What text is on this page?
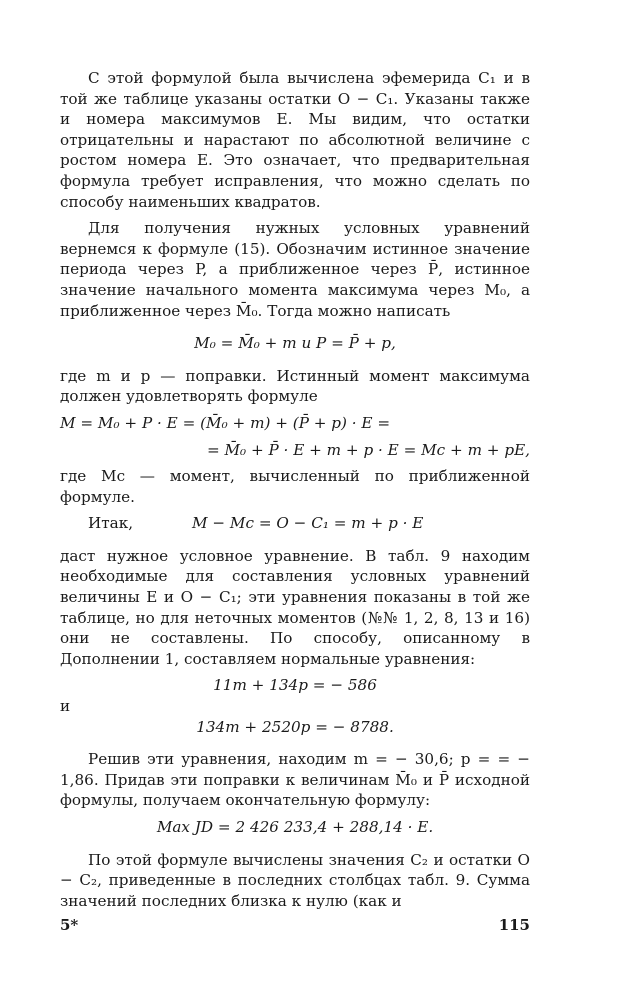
С этой формулой была вычислена эфемерида C₁ и в той же таблице указаны остатки O − C₁. Указаны также и номера максимумов E. Мы видим, что остатки отрицательны и нарастают по абсолютной величине с ростом номера E. Это означает, что предварительная формула требует исправления, что можно сделать по способу наименьших квадратов.

Для получения нужных условных уравнений вернемся к формуле (15). Обозначим истинное значение периода через P, а приближенное через P̄, истинное значение начального момента максимума через M₀, а приближенное через M̄₀. Тогда можно написать

M₀ = M̄₀ + m и P = P̄ + p,

где m и p — поправки. Истинный момент максимума должен удовлетворять формуле

M = M₀ + P · E = (M̄₀ + m) + (P̄ + p) · E =

= M̄₀ + P̄ · E + m + p · E = Mc + m + pE,

где Mc — момент, вычисленный по приближенной формуле.

Итак,	M − Mc = O − C₁ = m + p · E

даст нужное условное уравнение. В табл. 9 находим необходимые для составления условных уравнений величины E и O − C₁; эти уравнения показаны в той же таблице, но для неточных моментов (№№ 1, 2, 8, 13 и 16) они не составлены. По способу, описанному в Дополнении 1, составляем нормальные уравнения:

11m + 134p = − 586

и

134m + 2520p = − 8788.

Решив эти уравнения, находим m = − 30,6; p = = − 1,86. Придав эти поправки к величинам M̄₀ и P̄ исходной формулы, получаем окончательную формулу:

Max JD = 2 426 233,4 + 288,14 · E.

По этой формуле вычислены значения C₂ и остатки O − C₂, приведенные в последних столбцах табл. 9. Сумма значений последних близка к нулю (как и

5*	115
